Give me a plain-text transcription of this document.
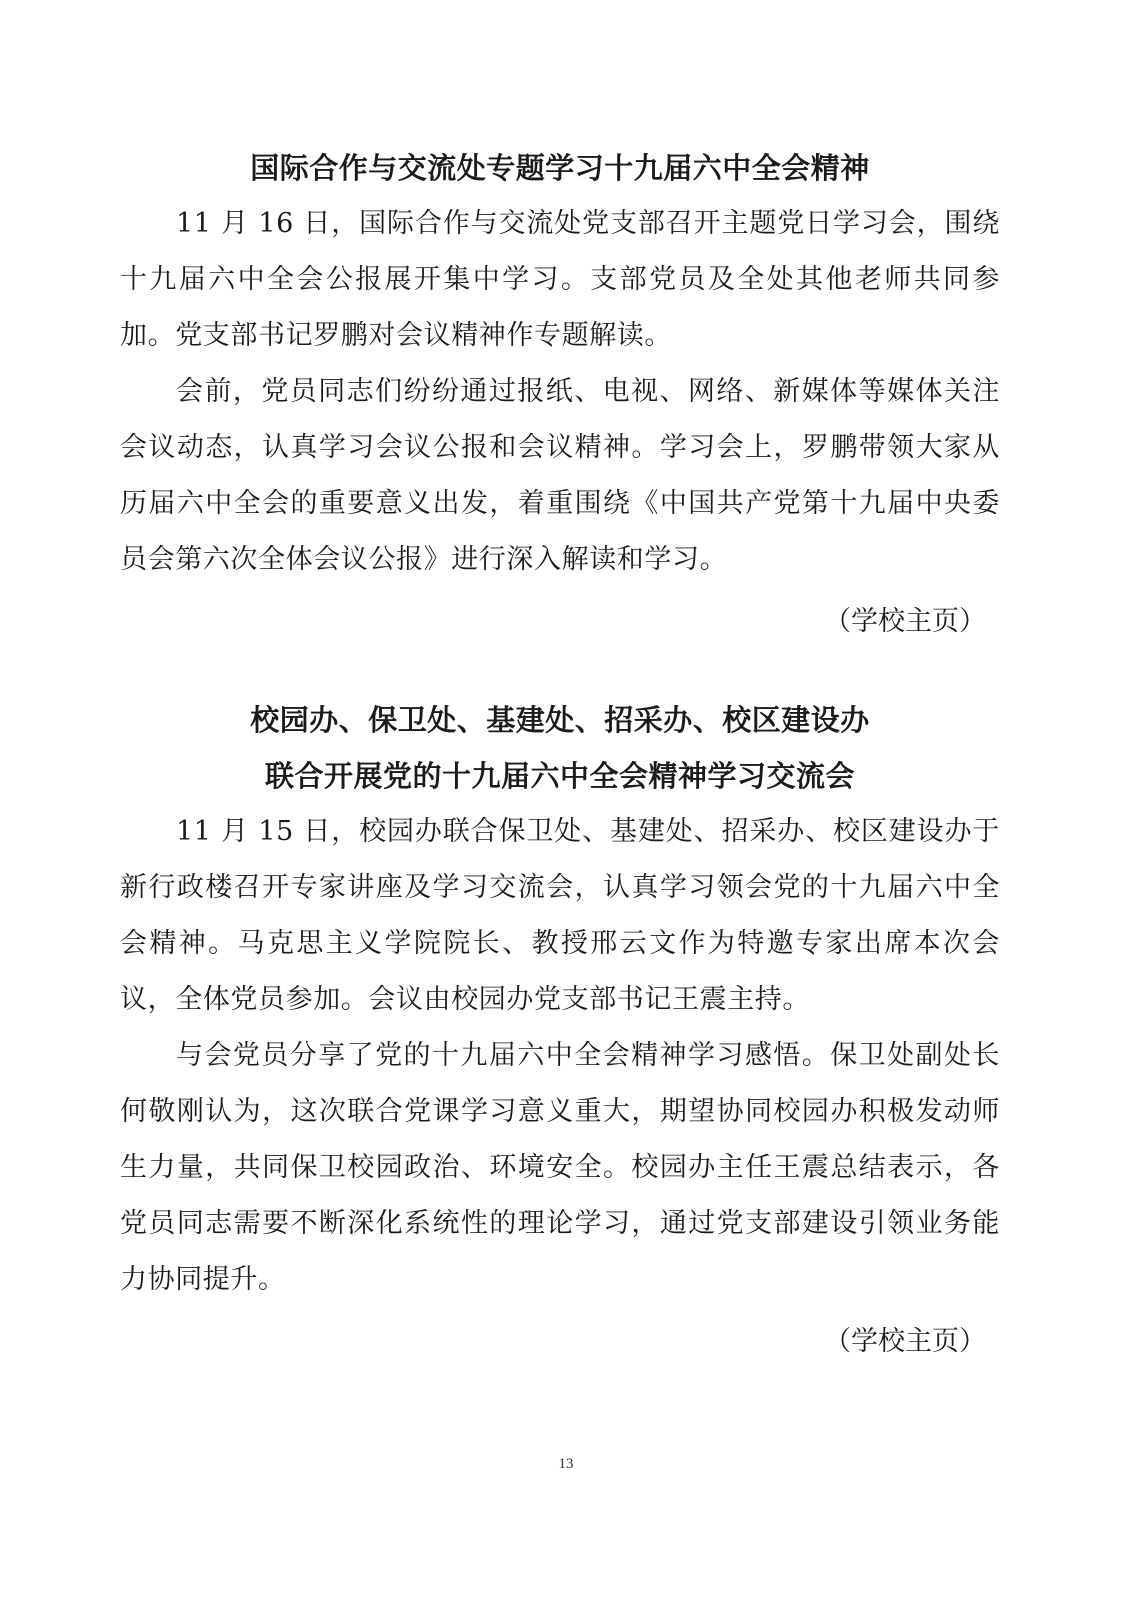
国际合作与交流处专题学习十九届六中全会精神

11 月 16 日，国际合作与交流处党支部召开主题党日学习会，围绕十九届六中全会公报展开集中学习。支部党员及全处其他老师共同参加。党支部书记罗鹏对会议精神作专题解读。

会前，党员同志们纷纷通过报纸、电视、网络、新媒体等媒体关注会议动态，认真学习会议公报和会议精神。学习会上，罗鹏带领大家从历届六中全会的重要意义出发，着重围绕《中国共产党第十九届中央委员会第六次全体会议公报》进行深入解读和学习。

（学校主页）

校园办、保卫处、基建处、招采办、校区建设办
联合开展党的十九届六中全会精神学习交流会

11 月 15 日，校园办联合保卫处、基建处、招采办、校区建设办于新行政楼召开专家讲座及学习交流会，认真学习领会党的十九届六中全会精神。马克思主义学院院长、教授邢云文作为特邀专家出席本次会议，全体党员参加。会议由校园办党支部书记王震主持。

与会党员分享了党的十九届六中全会精神学习感悟。保卫处副处长何敬刚认为，这次联合党课学习意义重大，期望协同校园办积极发动师生力量，共同保卫校园政治、环境安全。校园办主任王震总结表示，各党员同志需要不断深化系统性的理论学习，通过党支部建设引领业务能力协同提升。

（学校主页）

13
